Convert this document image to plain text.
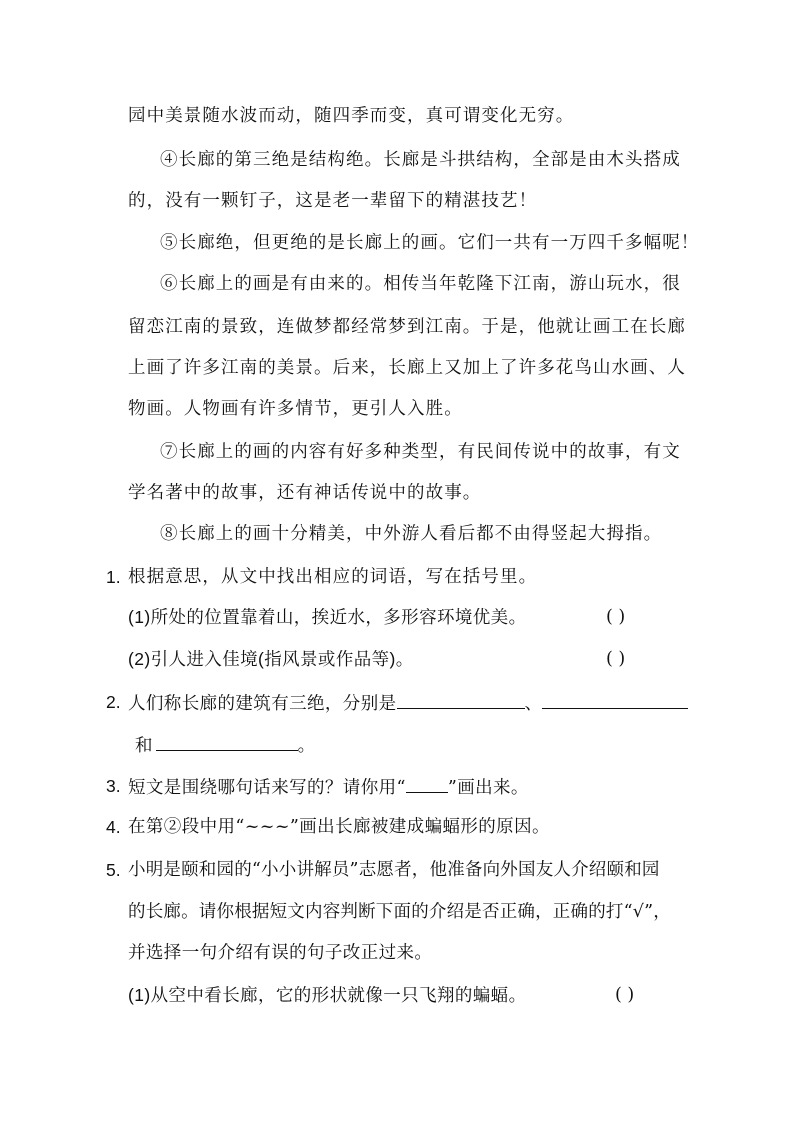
园中美景随水波而动，随四季而变，真可谓变化无穷。
④长廊的第三绝是结构绝。长廊是斗拱结构，全部是由木头搭成
的，没有一颗钉子，这是老一辈留下的精湛技艺！
⑤长廊绝，但更绝的是长廊上的画。它们一共有一万四千多幅呢！
⑥长廊上的画是有由来的。相传当年乾隆下江南，游山玩水，很
留恋江南的景致，连做梦都经常梦到江南。于是，他就让画工在长廊
上画了许多江南的美景。后来，长廊上又加上了许多花鸟山水画、人
物画。人物画有许多情节，更引人入胜。
⑦长廊上的画的内容有好多种类型，有民间传说中的故事，有文
学名著中的故事，还有神话传说中的故事。
⑧长廊上的画十分精美，中外游人看后都不由得竖起大拇指。
1. 根据意思，从文中找出相应的词语，写在括号里。
(1)所处的位置靠着山，挨近水，多形容环境优美。	( )
(2)引人进入佳境(指风景或作品等)。	( )
2. 人们称长廊的建筑有三绝，分别是	、
和	。
3. 短文是围绕哪句话来写的？请你用“ ”画出来。
4. 在第②段中用“~~~”画出长廊被建成蝙蝠形的原因。
5. 小明是颐和园的“小小讲解员”志愿者，他准备向外国友人介绍颐和园
的长廊。请你根据短文内容判断下面的介绍是否正确，正确的打“√”，
并选择一句介绍有误的句子改正过来。
(1)从空中看长廊，它的形状就像一只飞翔的蝙蝠。	( )
